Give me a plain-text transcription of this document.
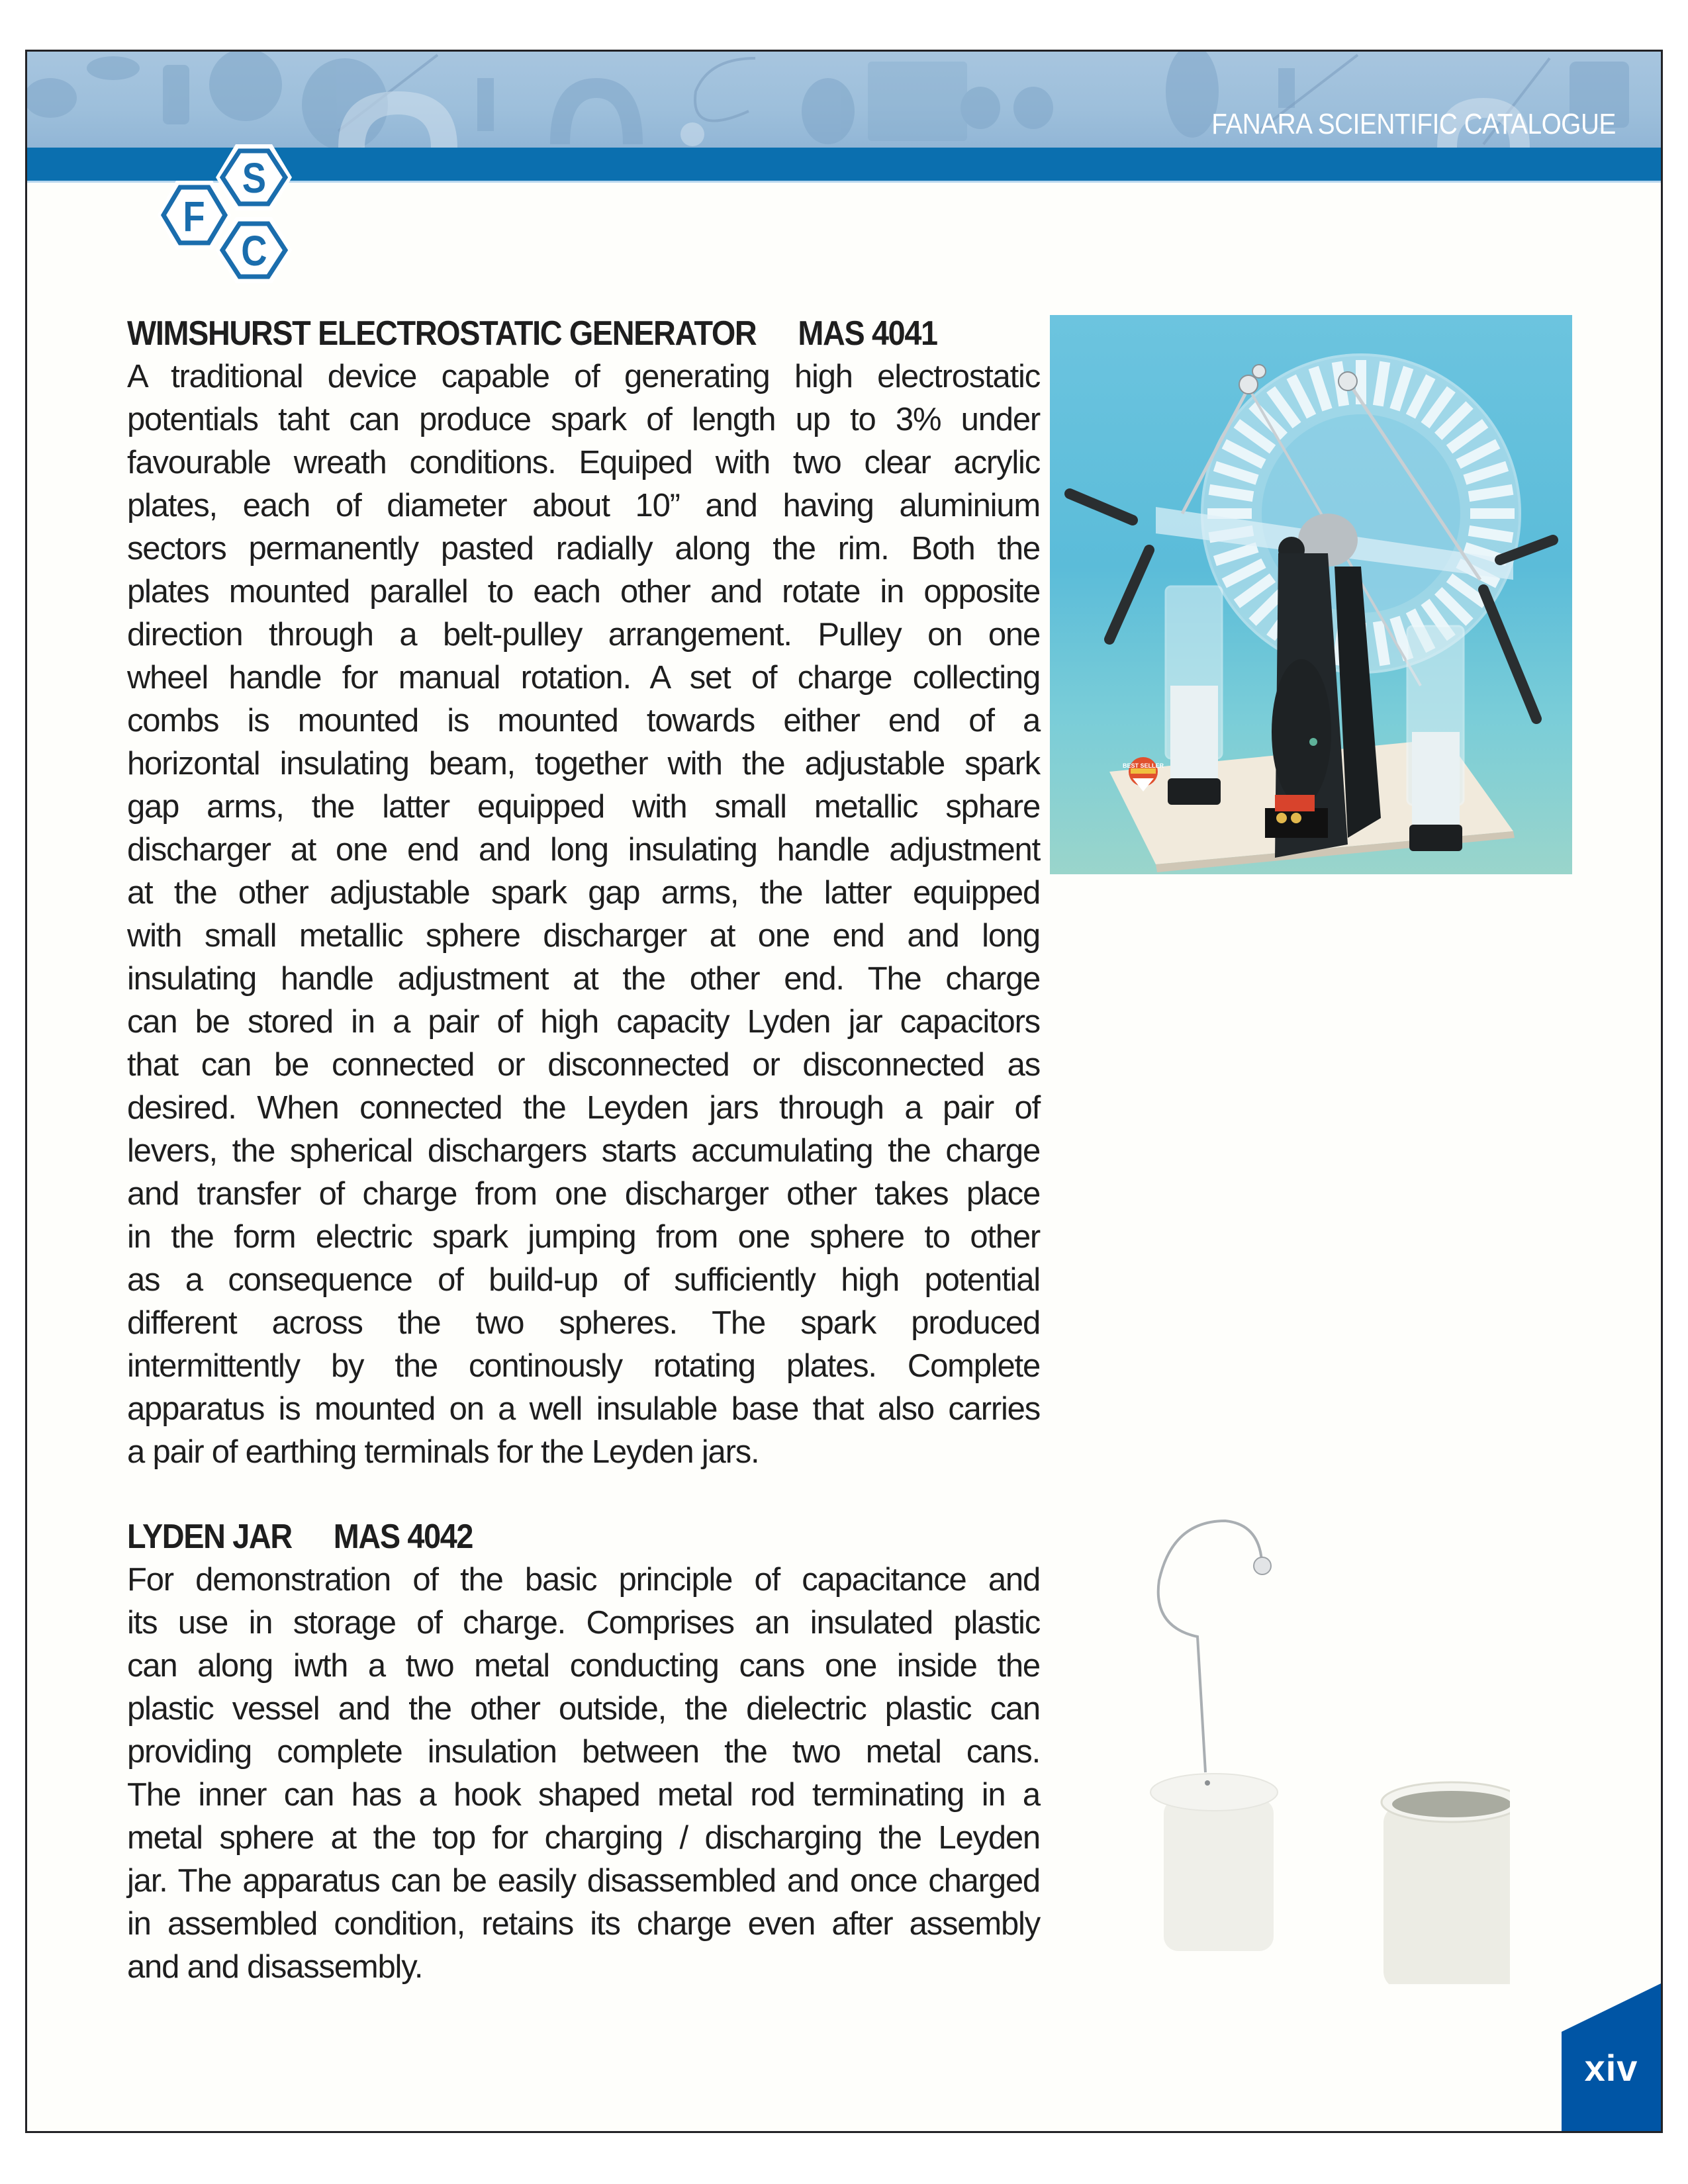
FANARA SCIENTIFIC CATALOGUE
S
F
C
WIMSHURST ELECTROSTATIC GENERATOR MAS 4041
A traditional device capable of generating high electrostatic
potentials taht can produce spark of length up to 3% under
favourable wreath conditions. Equiped with two clear acrylic
plates, each of diameter about 10” and having aluminium
sectors permanently pasted radially along the rim. Both the
plates mounted parallel to each other and rotate in opposite
direction through a belt-pulley arrangement. Pulley on one
wheel handle for manual rotation. A set of charge collecting
combs is mounted is mounted towards either end of a
horizontal insulating beam, together with the adjustable spark
gap arms, the latter equipped with small metallic sphare
discharger at one end and long insulating handle adjustment
at the other adjustable spark gap arms, the latter equipped
with small metallic sphere discharger at one end and long
insulating handle adjustment at the other end. The charge
can be stored in a pair of high capacity Lyden jar capacitors
that can be connected or disconnected or disconnected as
desired. When connected the Leyden jars through a pair of
levers, the spherical dischargers starts accumulating the charge
and transfer of charge from one discharger other takes place
in the form electric spark jumping from one sphere to other
as a consequence of build-up of sufficiently high potential
different across the two spheres. The spark produced
intermittently by the continously rotating plates. Complete
apparatus is mounted on a well insulable base that also carries
a pair of earthing terminals for the Leyden jars.
BEST SELLER
LYDEN JAR MAS 4042
For demonstration of the basic principle of capacitance and
its use in storage of charge. Comprises an insulated plastic
can along iwth a two metal conducting cans one inside the
plastic vessel and the other outside, the dielectric plastic can
providing complete insulation between the two metal cans.
The inner can has a hook shaped metal rod terminating in a
metal sphere at the top for charging / discharging the Leyden
jar. The apparatus can be easily disassembled and once charged
in assembled condition, retains its charge even after assembly
and and disassembly.
xiv
